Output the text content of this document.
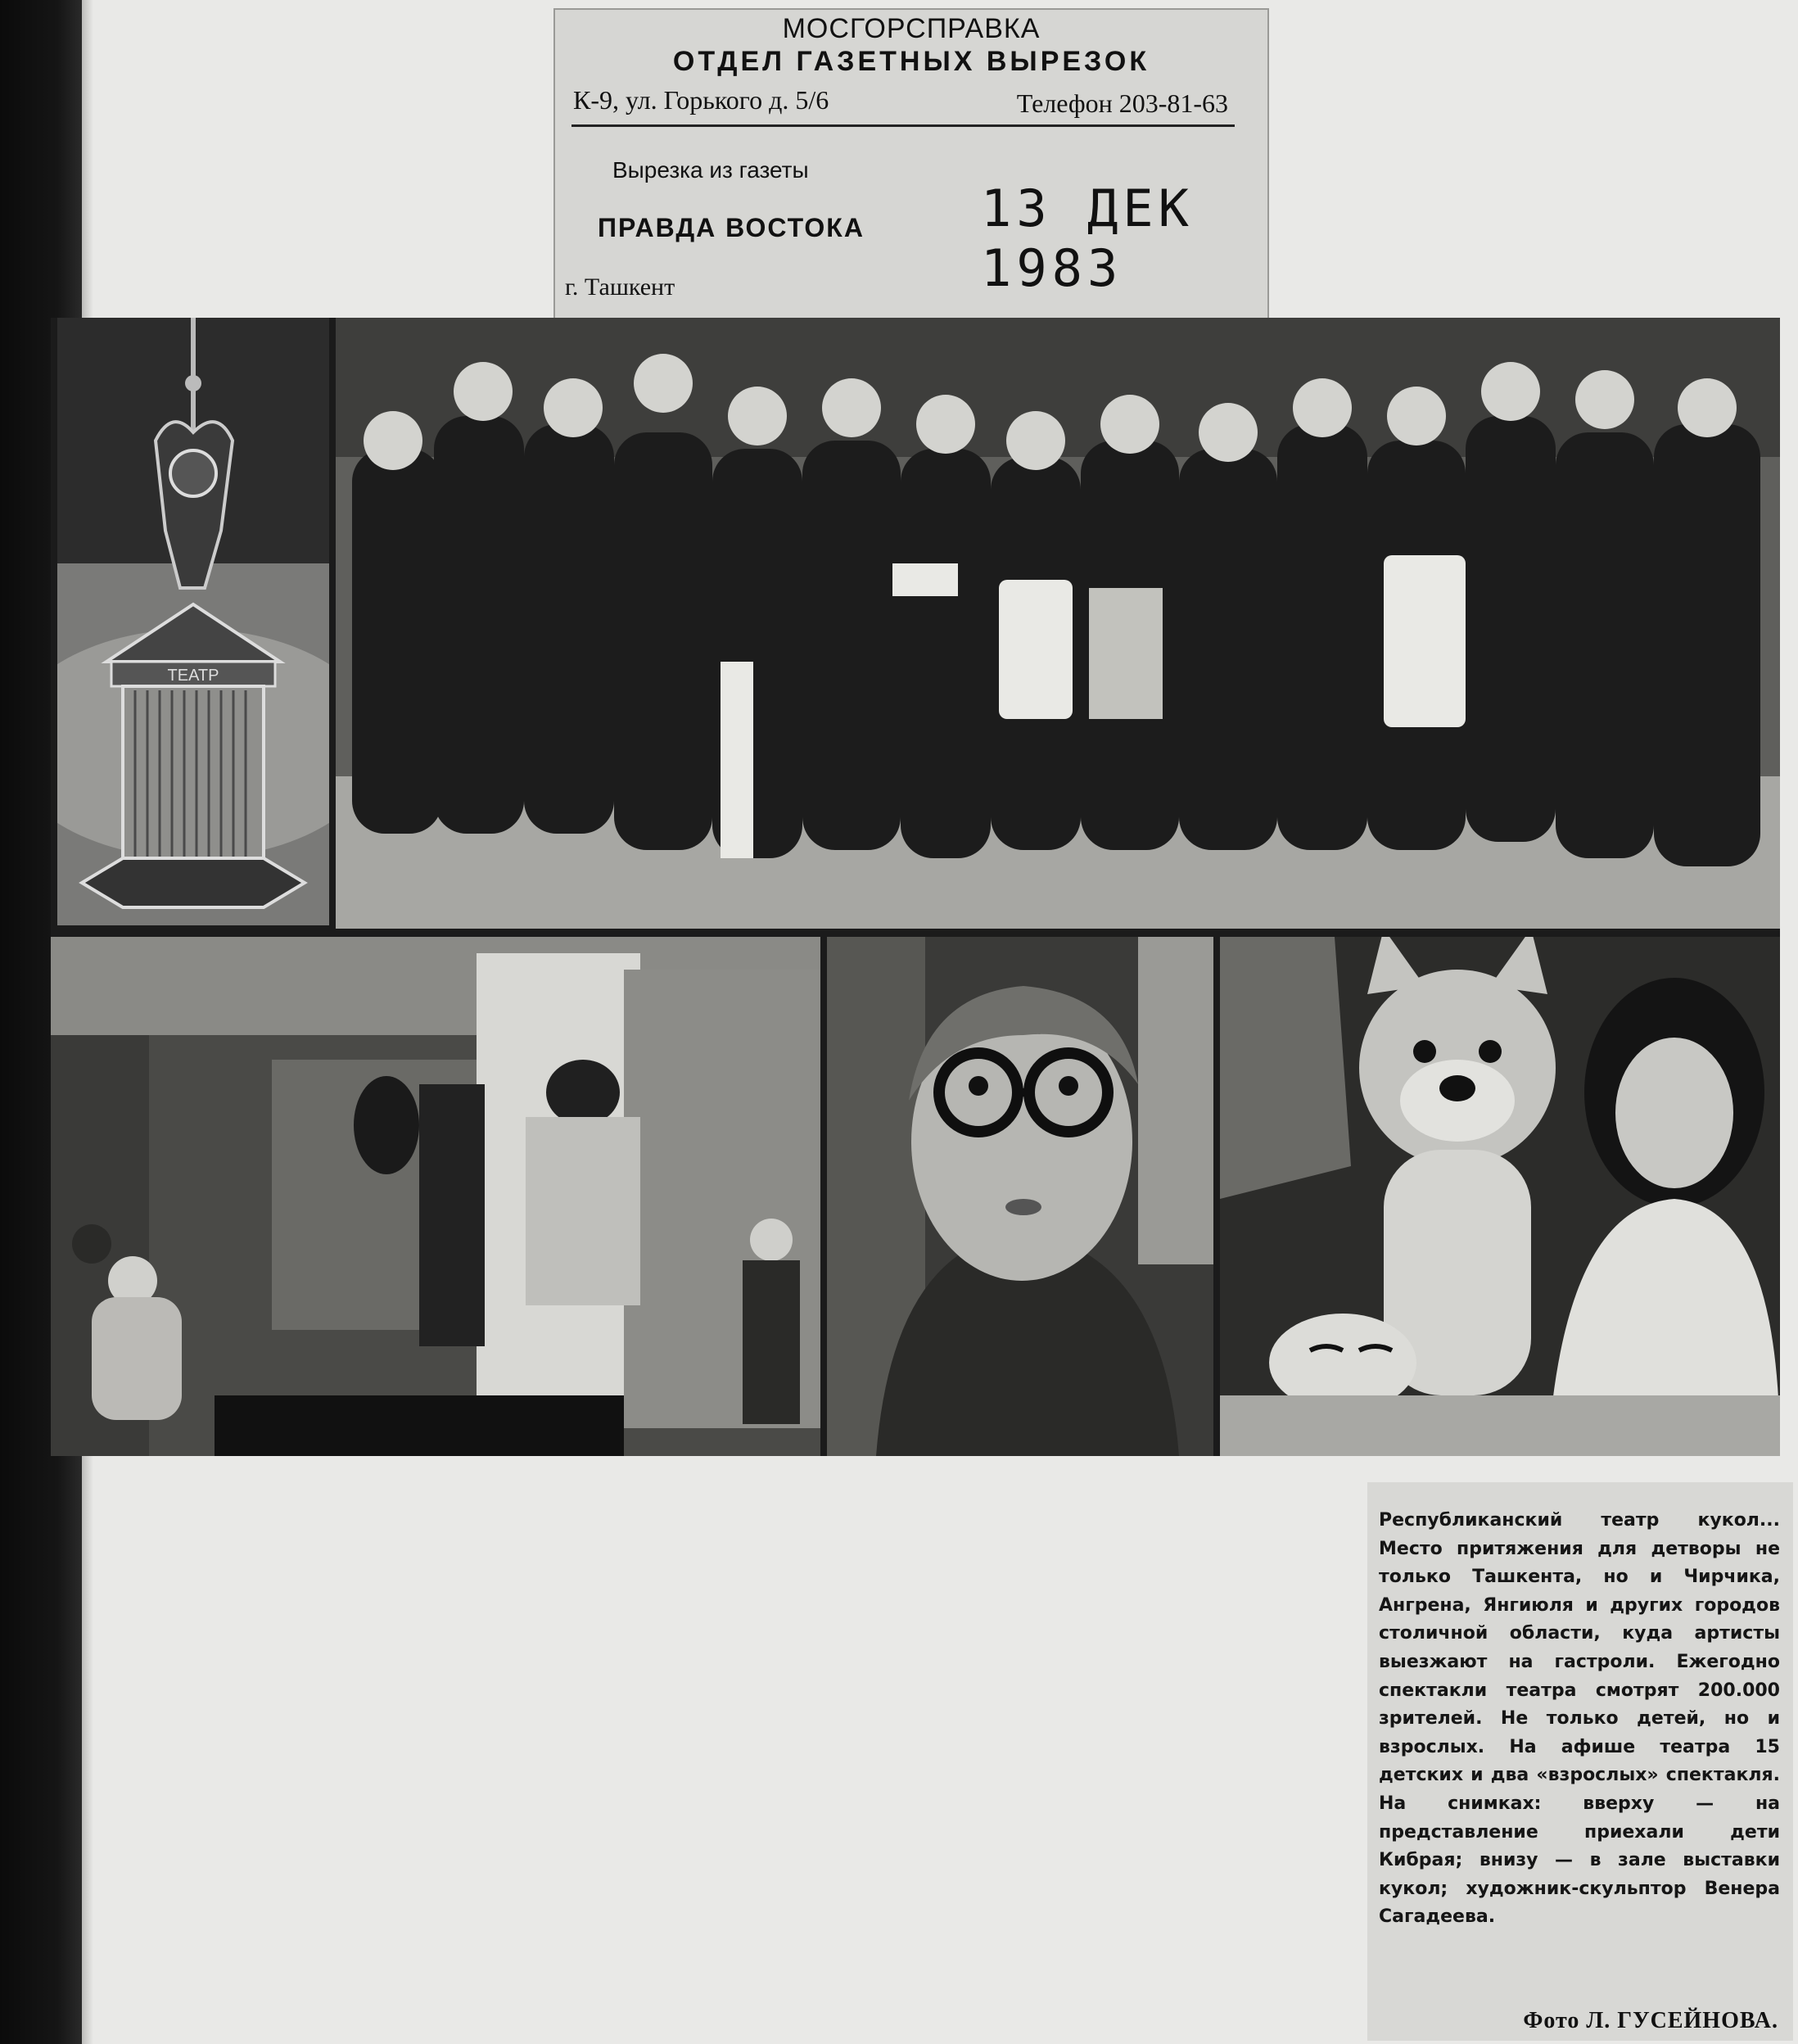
МОСГОРСПРАВКА
ОТДЕЛ ГАЗЕТНЫХ ВЫРЕЗОК
К-9, ул. Горького д. 5/6	Телефон 203-81-63
Вырезка из газеты
ПРАВДА ВОСТОКА 13 ДЕК 1983
г. Ташкент
ТЕАТР
Республиканский театр кукол... Место притяжения для детворы не только Ташкента, но и Чирчика, Ангрена, Янгиюля и других городов столичной области, куда артисты выезжают на гастроли. Ежегодно спектакли театра смотрят 200.000 зрителей. Не только детей, но и взрослых. На афише театра 15 детских и два «взрослых» спектакля. На снимках: вверху — на представление приехали дети Кибрая; внизу — в зале выставки кукол; художник-скульптор Венера Сагадеева.
Фото Л. ГУСЕЙНОВА.
